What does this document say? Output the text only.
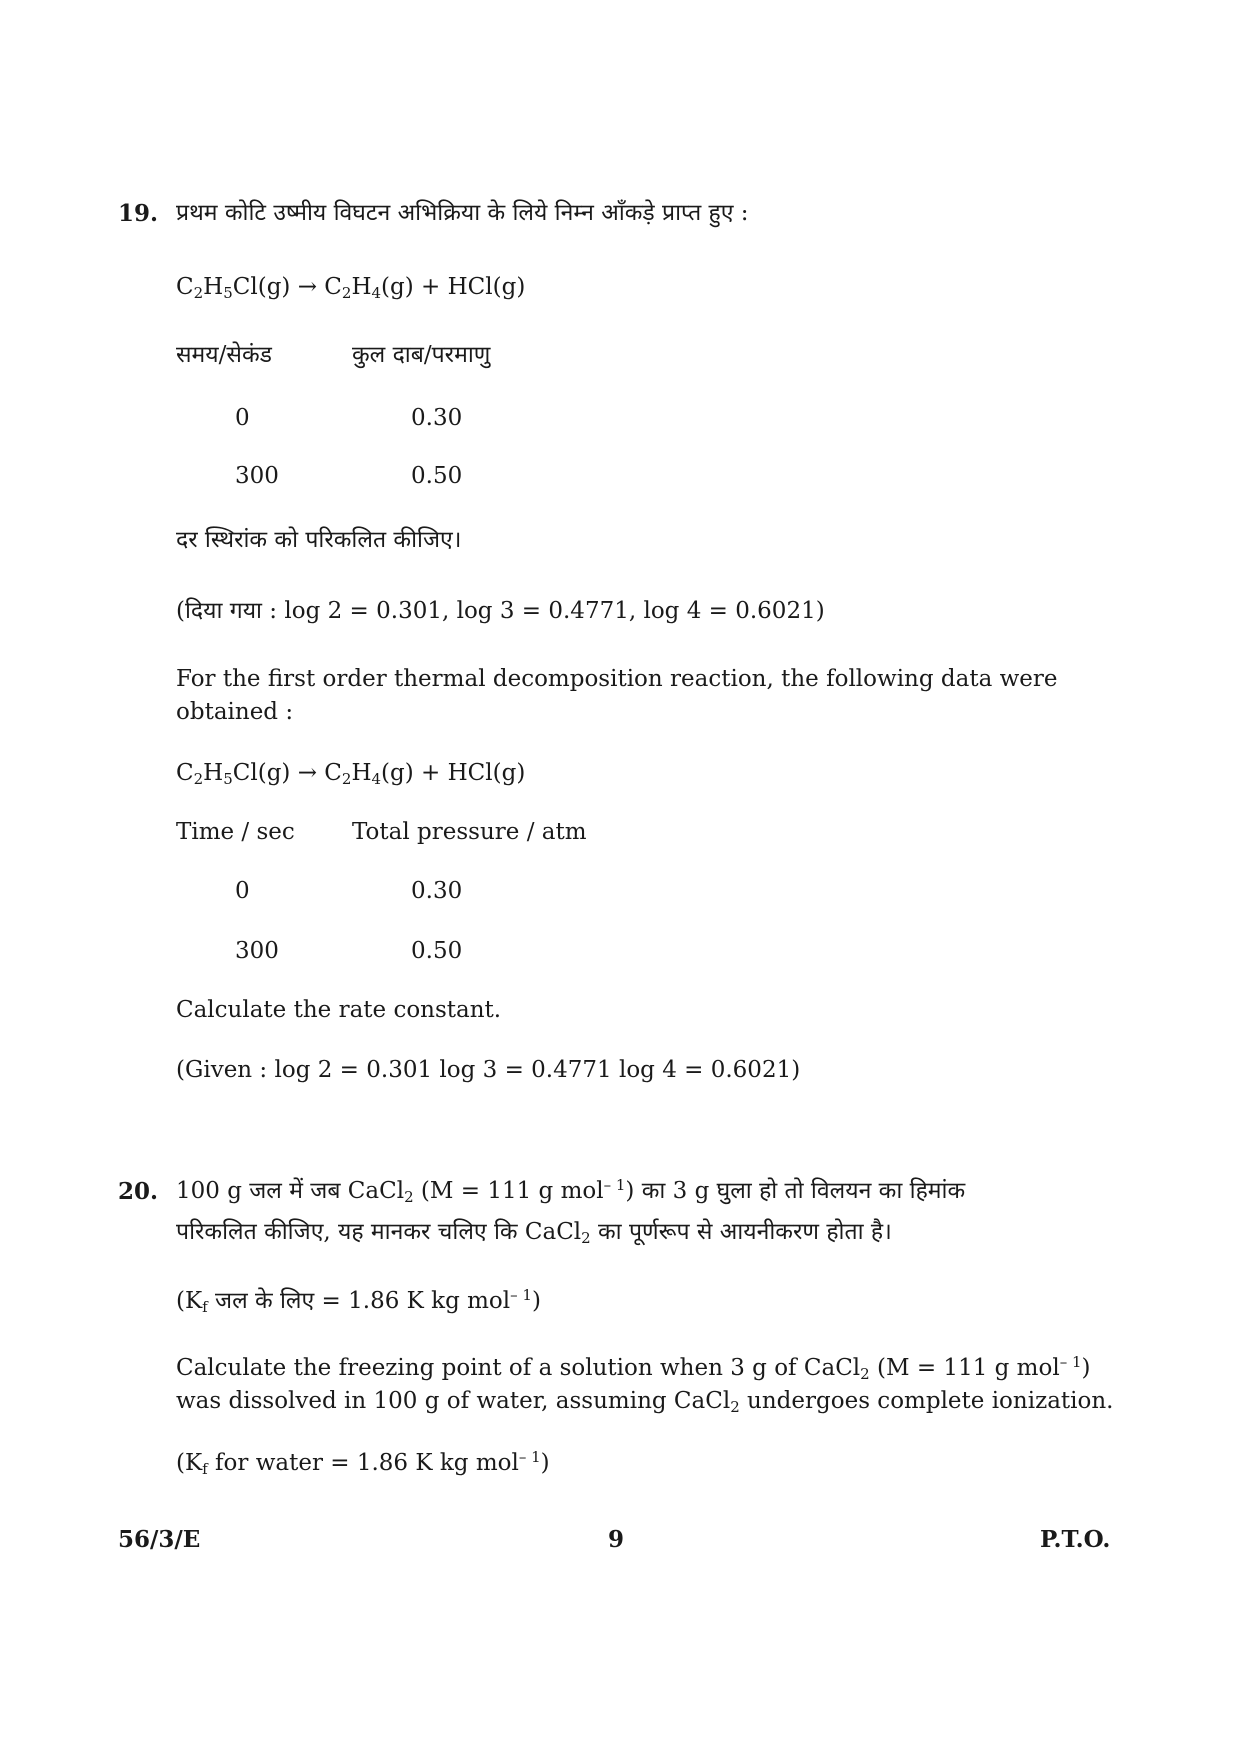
19. प्रथम कोटि उष्मीय विघटन अभिक्रिया के लिये निम्न आँकड़े प्राप्त हुए :
$C_2H_5Cl(g) \to C_2H_4(g) + HCl(g)$
समय/सेकंड	कुल दाब/परमाणु
0	0.30
300	0.50
दर स्थिरांक को परिकलित कीजिए।
(दिया गया : log 2 = 0.301, log 3 = 0.4771, log 4 = 0.6021)
For the first order thermal decomposition reaction, the following data were
obtained :
$C_2H_5Cl(g) \to C_2H_4(g) + HCl(g)$
Time / sec Total pressure / atm
0	0.30
300	0.50
Calculate the rate constant.
(Given : log 2 = 0.301 log 3 = 0.4771 log 4 = 0.6021)
20. 100 g जल में जब CaCl$_2$ (M = 111 g mol$^{- 1}$) का 3 g घुला हो तो विलयन का हिमांक
परिकलित कीजिए, यह मानकर चलिए कि CaCl$_2$ का पूर्णरूप से आयनीकरण होता है।
($K_f$ जल के लिए = 1.86 K kg mol$^{- 1}$)
Calculate the freezing point of a solution when 3 g of CaCl$_2$ (M = 111 g mol$^{- 1}$)
was dissolved in 100 g of water, assuming CaCl$_2$ undergoes complete ionization.
($K_f$ for water = 1.86 K kg mol$^{- 1}$)
56/3/E	9	P.T.O.
